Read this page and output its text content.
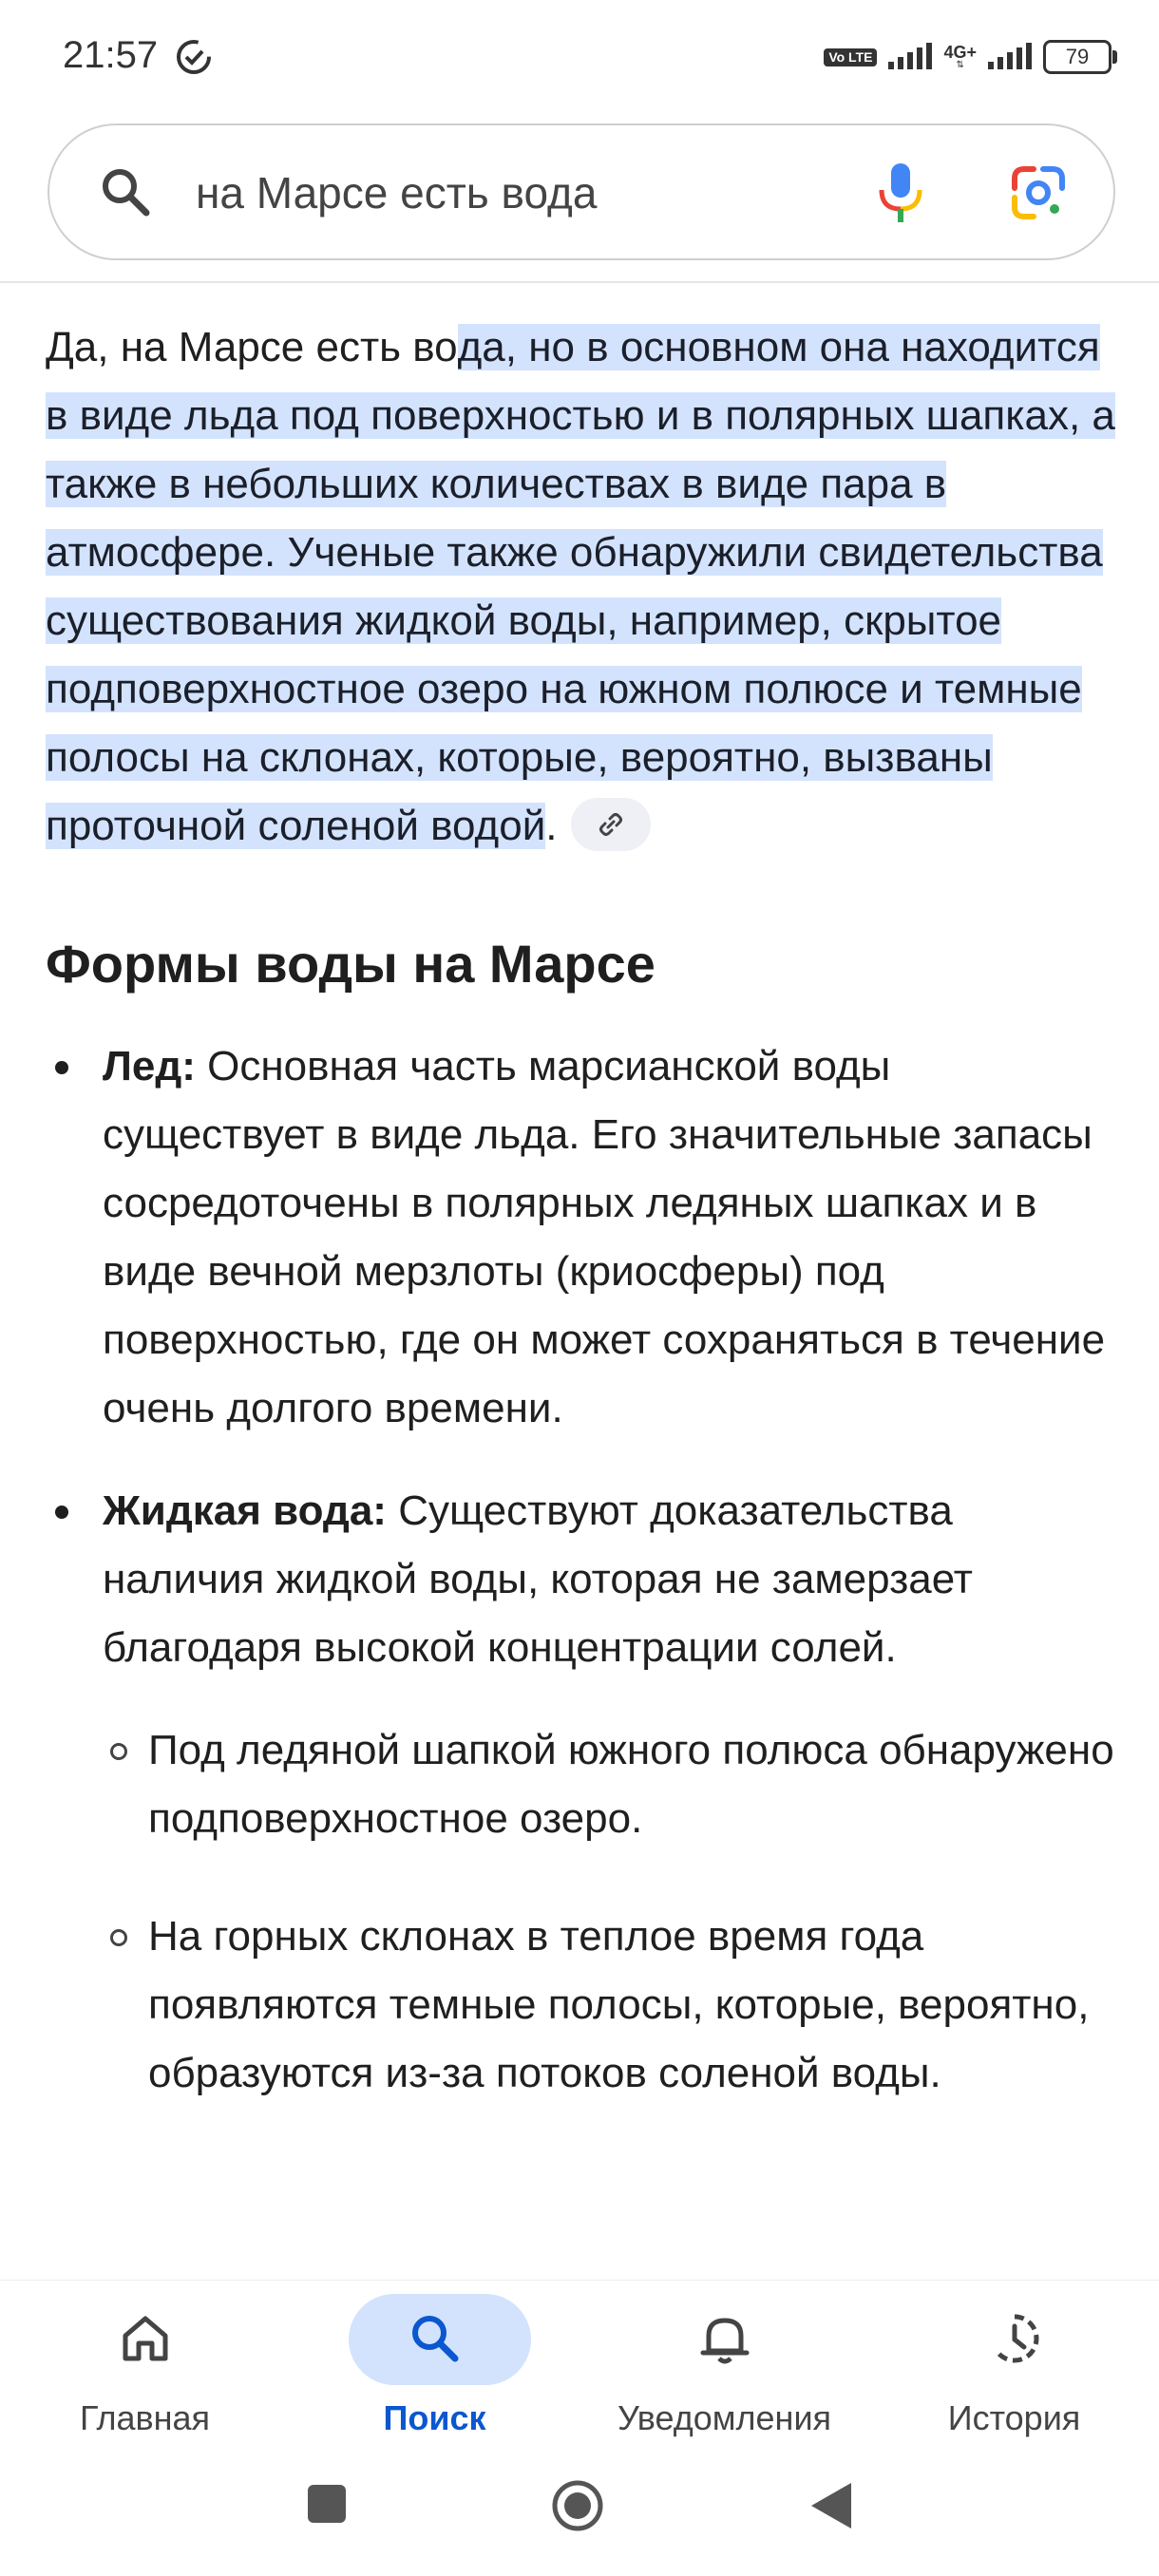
21:57	Vo LTE	4G+
⇅	79
на Марсе есть вода

Да, на Марсе есть вода, но в основном она находится в виде льда под поверхностью и в полярных шапках, а также в небольших количествах в виде пара в атмосфере. Ученые также обнаружили свидетельства существования жидкой воды, например, скрытое подповерхностное озеро на южном полюсе и темные полосы на склонах, которые, вероятно, вызваны проточной соленой водой.

Формы воды на Марсе
Лед: Основная часть марсианской воды существует в виде льда. Его значительные запасы сосредоточены в полярных ледяных шапках и в виде вечной мерзлоты (криосферы) под поверхностью, где он может сохраняться в течение очень долгого времени.
Жидкая вода: Существуют доказательства наличия жидкой воды, которая не замерзает благодаря высокой концентрации солей.
Под ледяной шапкой южного полюса обнаружено подповерхностное озеро.
На горных склонах в теплое время года появляются темные полосы, которые, вероятно, образуются из-за потоков соленой воды.
Главная	Поиск	Уведомления	История
